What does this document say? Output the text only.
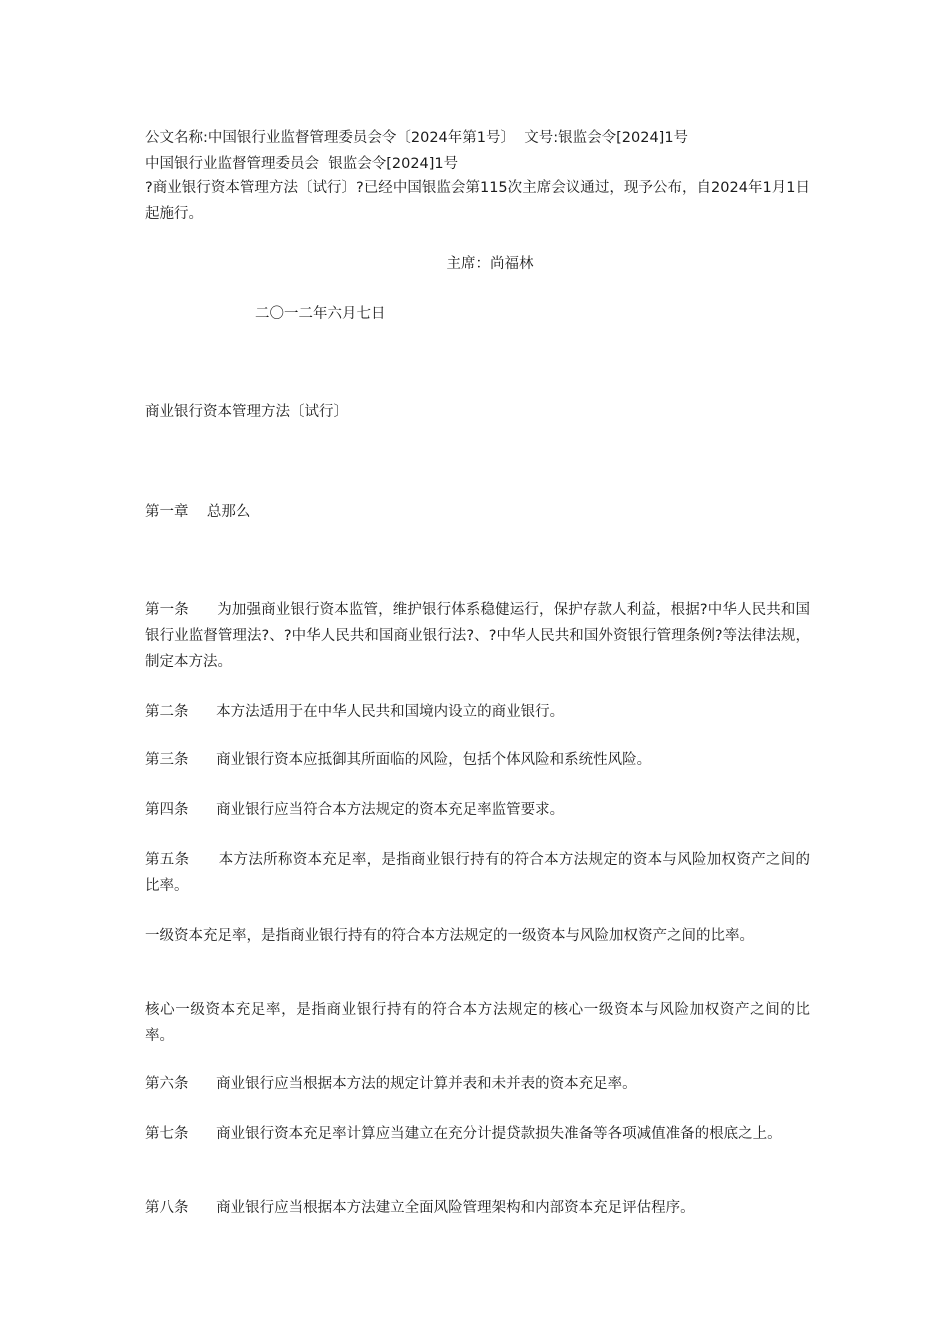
公文名称:中国银行业监督管理委员会令〔2024年第1号〕  文号:银监会令[2024]1号
中国银行业监督管理委员会  银监会令[2024]1号
?商业银行资本管理方法〔试行〕?已经中国银监会第115次主席会议通过，现予公布，自2024年1月1日起施行。
主席：尚福林
二〇一二年六月七日
商业银行资本管理方法〔试行〕
第一章    总那么
第一条      为加强商业银行资本监管，维护银行体系稳健运行，保护存款人利益，根据?中华人民共和国银行业监督管理法?、?中华人民共和国商业银行法?、?中华人民共和国外资银行管理条例?等法律法规，制定本方法。
第二条      本方法适用于在中华人民共和国境内设立的商业银行。
第三条      商业银行资本应抵御其所面临的风险，包括个体风险和系统性风险。
第四条      商业银行应当符合本方法规定的资本充足率监管要求。
第五条      本方法所称资本充足率，是指商业银行持有的符合本方法规定的资本与风险加权资产之间的比率。
一级资本充足率，是指商业银行持有的符合本方法规定的一级资本与风险加权资产之间的比率。
核心一级资本充足率，是指商业银行持有的符合本方法规定的核心一级资本与风险加权资产之间的比率。
第六条      商业银行应当根据本方法的规定计算并表和未并表的资本充足率。
第七条      商业银行资本充足率计算应当建立在充分计提贷款损失准备等各项减值准备的根底之上。
第八条      商业银行应当根据本方法建立全面风险管理架构和内部资本充足评估程序。
